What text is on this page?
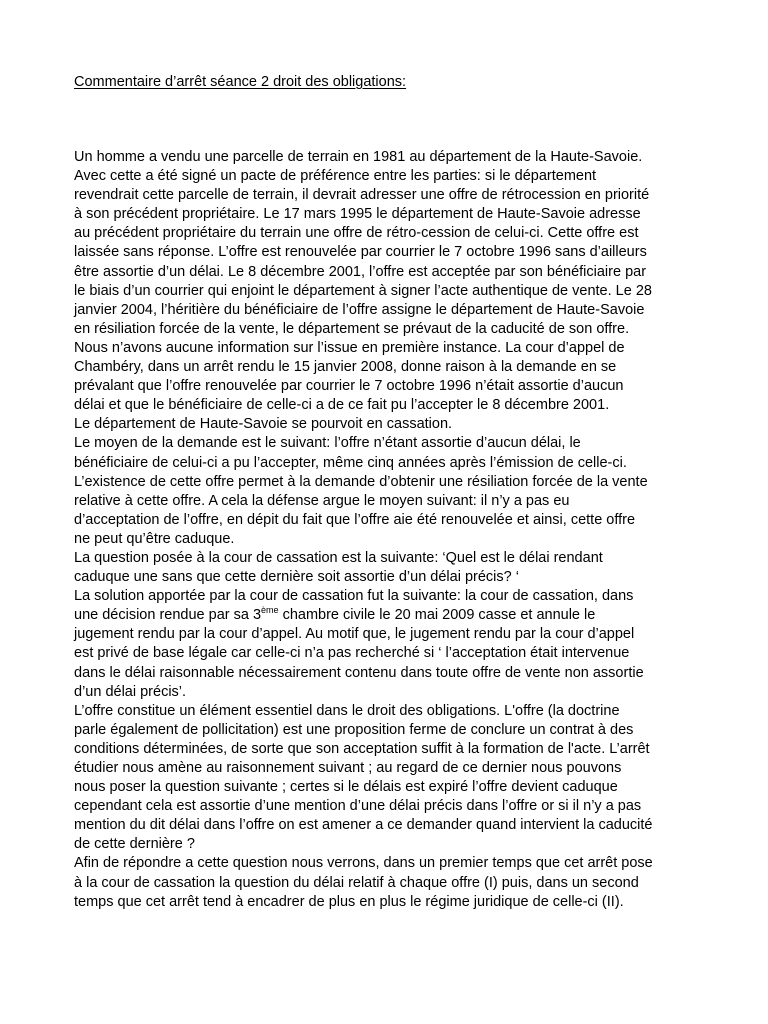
Commentaire d’arrêt séance 2 droit des obligations:
Un homme a vendu une parcelle de terrain en 1981 au département de la Haute-Savoie.
Avec cette a été signé un pacte de préférence entre les parties: si le département
revendrait cette parcelle de terrain, il devrait adresser une offre de rétrocession en priorité
à son précédent propriétaire. Le 17 mars 1995 le département de Haute-Savoie adresse
au précédent propriétaire du terrain une offre de rétro-cession de celui-ci. Cette offre est
laissée sans réponse. L’offre est renouvelée par courrier le 7 octobre 1996 sans d’ailleurs
être assortie d’un délai. Le 8 décembre 2001, l’offre est acceptée par son bénéficiaire par
le biais d’un courrier qui enjoint le département à signer l’acte authentique de vente. Le 28
janvier 2004, l’héritière du bénéficiaire de l’offre assigne le département de Haute-Savoie
en résiliation forcée de la vente, le département se prévaut de la caducité de son offre.
Nous n’avons aucune information sur l’issue en première instance. La cour d’appel de
Chambéry, dans un arrêt rendu le 15 janvier 2008, donne raison à la demande en se
prévalant que l’offre renouvelée par courrier le 7 octobre 1996 n’était assortie d’aucun
délai et que le bénéficiaire de celle-ci a de ce fait pu l’accepter le 8 décembre 2001.
Le département de Haute-Savoie se pourvoit en cassation.
Le moyen de la demande est le suivant: l’offre n’étant assortie d’aucun délai, le
bénéficiaire de celui-ci a pu l’accepter, même cinq années après l’émission de celle-ci.
L’existence de cette offre permet à la demande d’obtenir une résiliation forcée de la vente
relative à cette offre. A cela la défense argue le moyen suivant: il n’y a pas eu
d’acceptation de l’offre, en dépit du fait que l’offre aie été renouvelée et ainsi, cette offre
ne peut qu’être caduque.
La question posée à la cour de cassation est la suivante: ‘Quel est le délai rendant
caduque une sans que cette dernière soit assortie d’un délai précis? ‘
La solution apportée par la cour de cassation fut la suivante: la cour de cassation, dans
une décision rendue par sa 3ème chambre civile le 20 mai 2009 casse et annule le
jugement rendu par la cour d’appel. Au motif que, le jugement rendu par la cour d’appel
est privé de base légale car celle-ci n’a pas recherché si ‘ l’acceptation était intervenue
dans le délai raisonnable nécessairement contenu dans toute offre de vente non assortie
d’un délai précis’.
L’offre constitue un élément essentiel dans le droit des obligations. L'offre (la doctrine
parle également de pollicitation) est une proposition ferme de conclure un contrat à des
conditions déterminées, de sorte que son acceptation suffit à la formation de l'acte. L’arrêt
étudier nous amène au raisonnement suivant ; au regard de ce dernier nous pouvons
nous poser la question suivante ; certes si le délais est expiré l’offre devient caduque
cependant cela est assortie d’une mention d’une délai précis dans l’offre or si il n’y a pas
mention du dit délai dans l’offre on est amener a ce demander quand intervient la caducité
de cette dernière ?
Afin de répondre a cette question nous verrons, dans un premier temps que cet arrêt pose
à la cour de cassation la question du délai relatif à chaque offre (I) puis, dans un second
temps que cet arrêt tend à encadrer de plus en plus le régime juridique de celle-ci (II).
